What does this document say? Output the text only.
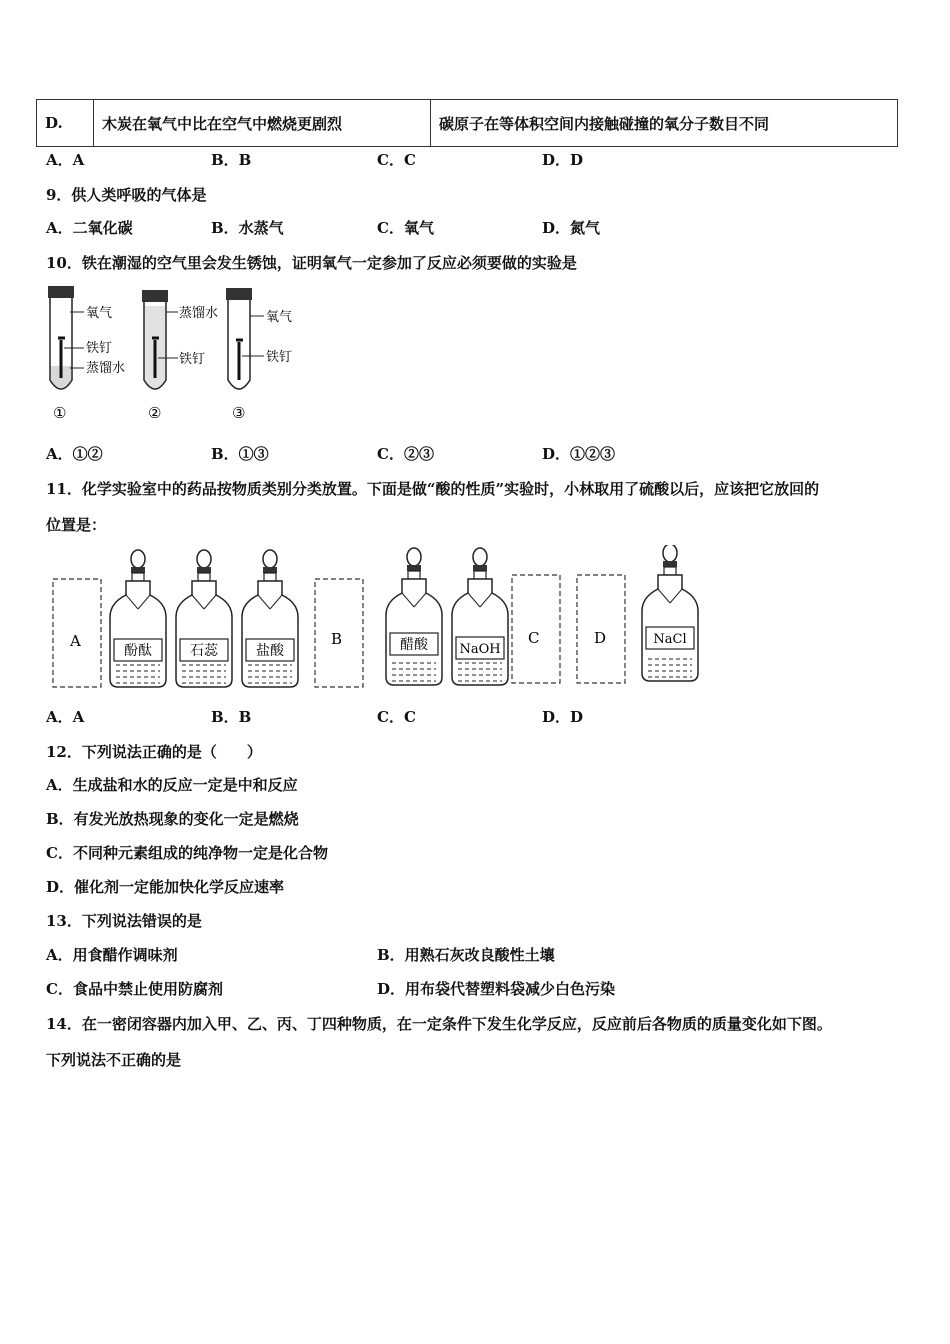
D.	木炭在氧气中比在空气中燃烧更剧烈	碳原子在等体积空间内接触碰撞的氧分子数目不同
A．A	B．B	C．C	D．D
9．供人类呼吸的气体是
A．二氧化碳	B．水蒸气	C．氧气	D．氮气
10．铁在潮湿的空气里会发生锈蚀，证明氧气一定参加了反应必须要做的实验是
氧气
铁钉
蒸馏水
①
蒸馏水
铁钉
②
氧气
铁钉
③
A．①②	B．①③	C．②③	D．①②③
11．化学实验室中的药品按物质类别分类放置。下面是做“酸的性质”实验时，小林取用了硫酸以后，应该把它放回的
位置是：
A
酚酞	石蕊	盐酸
B	醋酸 NaOH
C	D	NaCl
A．A	B．B	C．C	D．D
12．下列说法正确的是（　　）
A．生成盐和水的反应一定是中和反应
B．有发光放热现象的变化一定是燃烧
C．不同种元素组成的纯净物一定是化合物
D．催化剂一定能加快化学反应速率
13．下列说法错误的是
A．用食醋作调味剂	B．用熟石灰改良酸性土壤
C．食品中禁止使用防腐剂	D．用布袋代替塑料袋减少白色污染
14．在一密闭容器内加入甲、乙、丙、丁四种物质，在一定条件下发生化学反应，反应前后各物质的质量变化如下图。
下列说法不正确的是
